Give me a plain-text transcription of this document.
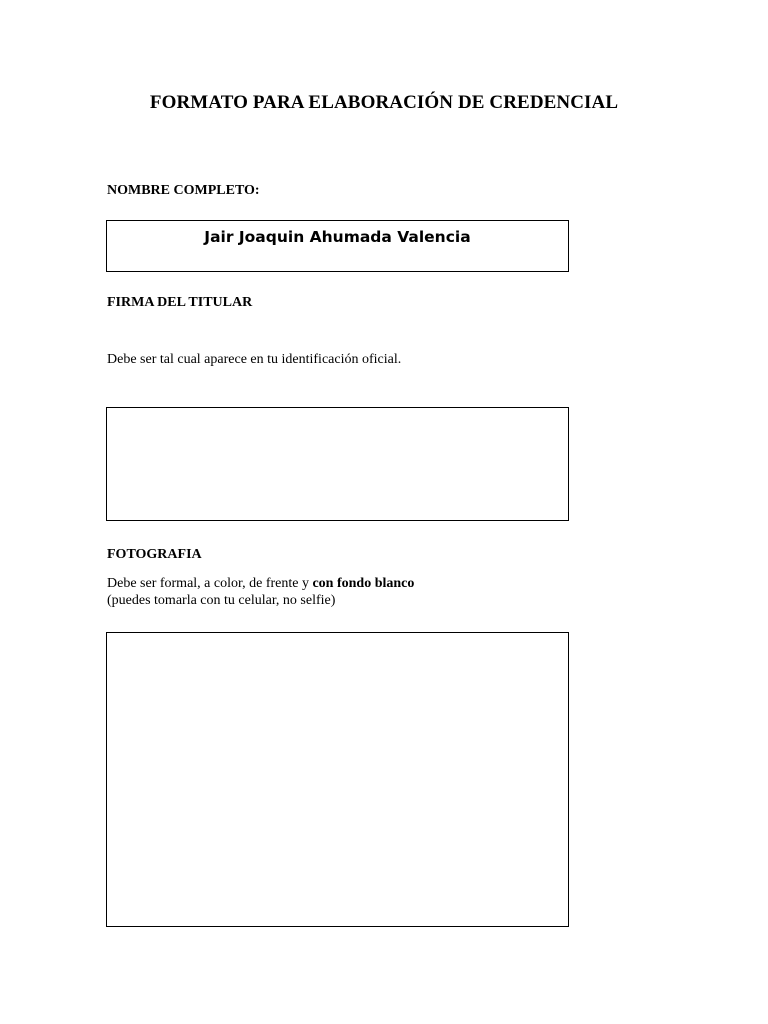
FORMATO PARA ELABORACIÓN DE CREDENCIAL
NOMBRE COMPLETO:
Jair Joaquin Ahumada Valencia
FIRMA DEL TITULAR
Debe ser tal cual aparece en tu identificación oficial.
FOTOGRAFIA
Debe ser formal, a color, de frente y con fondo blanco
(puedes tomarla con tu celular, no selfie)
